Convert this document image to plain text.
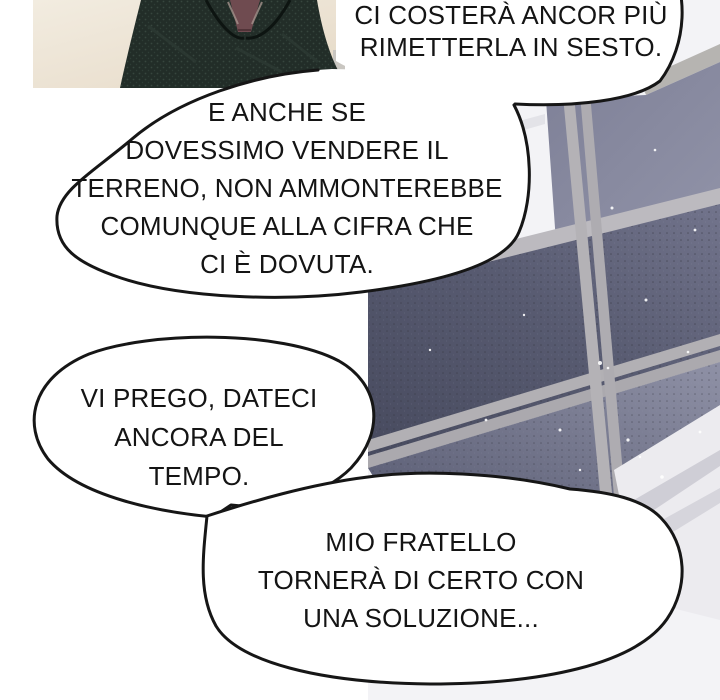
CI COSTERÀ ANCOR PIÙ
RIMETTERLA IN SESTO.
E ANCHE SE
DOVESSIMO VENDERE IL
TERRENO, NON AMMONTEREBBE
COMUNQUE ALLA CIFRA CHE
CI È DOVUTA.
VI PREGO, DATECI
ANCORA DEL
TEMPO.
MIO FRATELLO
TORNERÀ DI CERTO CON
UNA SOLUZIONE...
